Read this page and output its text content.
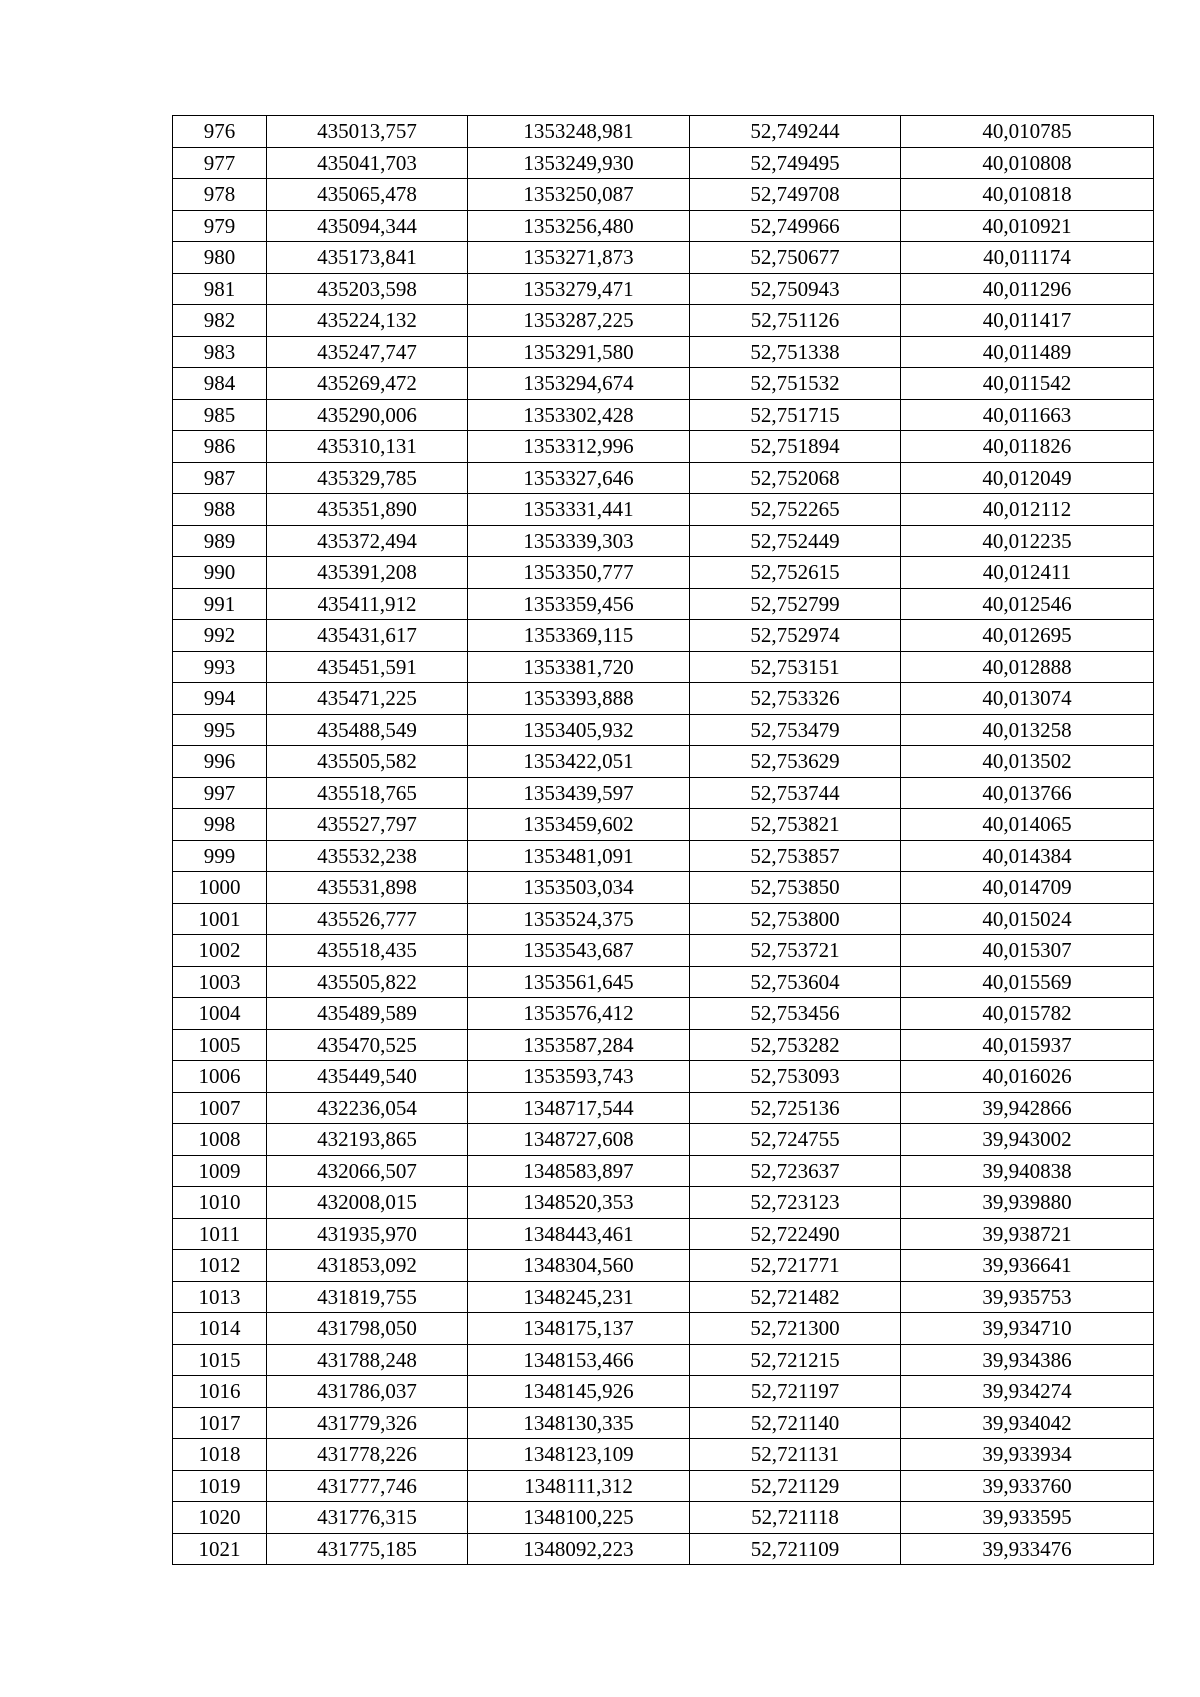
976	435013,757	1353248,981	52,749244	40,010785
977	435041,703	1353249,930	52,749495	40,010808
978	435065,478	1353250,087	52,749708	40,010818
979	435094,344	1353256,480	52,749966	40,010921
980	435173,841	1353271,873	52,750677	40,011174
981	435203,598	1353279,471	52,750943	40,011296
982	435224,132	1353287,225	52,751126	40,011417
983	435247,747	1353291,580	52,751338	40,011489
984	435269,472	1353294,674	52,751532	40,011542
985	435290,006	1353302,428	52,751715	40,011663
986	435310,131	1353312,996	52,751894	40,011826
987	435329,785	1353327,646	52,752068	40,012049
988	435351,890	1353331,441	52,752265	40,012112
989	435372,494	1353339,303	52,752449	40,012235
990	435391,208	1353350,777	52,752615	40,012411
991	435411,912	1353359,456	52,752799	40,012546
992	435431,617	1353369,115	52,752974	40,012695
993	435451,591	1353381,720	52,753151	40,012888
994	435471,225	1353393,888	52,753326	40,013074
995	435488,549	1353405,932	52,753479	40,013258
996	435505,582	1353422,051	52,753629	40,013502
997	435518,765	1353439,597	52,753744	40,013766
998	435527,797	1353459,602	52,753821	40,014065
999	435532,238	1353481,091	52,753857	40,014384
1000	435531,898	1353503,034	52,753850	40,014709
1001	435526,777	1353524,375	52,753800	40,015024
1002	435518,435	1353543,687	52,753721	40,015307
1003	435505,822	1353561,645	52,753604	40,015569
1004	435489,589	1353576,412	52,753456	40,015782
1005	435470,525	1353587,284	52,753282	40,015937
1006	435449,540	1353593,743	52,753093	40,016026
1007	432236,054	1348717,544	52,725136	39,942866
1008	432193,865	1348727,608	52,724755	39,943002
1009	432066,507	1348583,897	52,723637	39,940838
1010	432008,015	1348520,353	52,723123	39,939880
1011	431935,970	1348443,461	52,722490	39,938721
1012	431853,092	1348304,560	52,721771	39,936641
1013	431819,755	1348245,231	52,721482	39,935753
1014	431798,050	1348175,137	52,721300	39,934710
1015	431788,248	1348153,466	52,721215	39,934386
1016	431786,037	1348145,926	52,721197	39,934274
1017	431779,326	1348130,335	52,721140	39,934042
1018	431778,226	1348123,109	52,721131	39,933934
1019	431777,746	1348111,312	52,721129	39,933760
1020	431776,315	1348100,225	52,721118	39,933595
1021	431775,185	1348092,223	52,721109	39,933476
